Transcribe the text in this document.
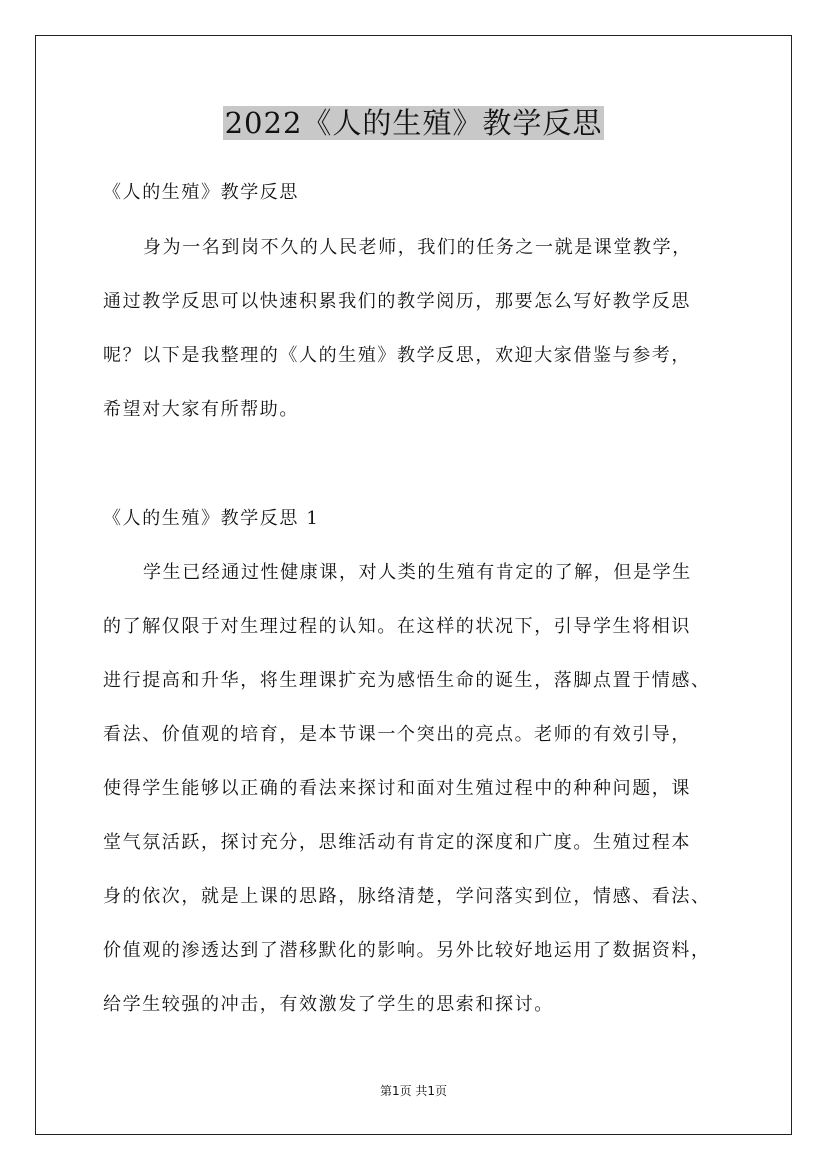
2022《人的生殖》教学反思
《人的生殖》教学反思
身为一名到岗不久的人民老师，我们的任务之一就是课堂教学，
通过教学反思可以快速积累我们的教学阅历，那要怎么写好教学反思
呢？以下是我整理的《人的生殖》教学反思，欢迎大家借鉴与参考，
希望对大家有所帮助。
《人的生殖》教学反思 1
学生已经通过性健康课，对人类的生殖有肯定的了解，但是学生
的了解仅限于对生理过程的认知。在这样的状况下，引导学生将相识
进行提高和升华，将生理课扩充为感悟生命的诞生，落脚点置于情感、
看法、价值观的培育，是本节课一个突出的亮点。老师的有效引导，
使得学生能够以正确的看法来探讨和面对生殖过程中的种种问题，课
堂气氛活跃，探讨充分，思维活动有肯定的深度和广度。生殖过程本
身的依次，就是上课的思路，脉络清楚，学问落实到位，情感、看法、
价值观的渗透达到了潜移默化的影响。另外比较好地运用了数据资料，
给学生较强的冲击，有效激发了学生的思索和探讨。
第1页 共1页
